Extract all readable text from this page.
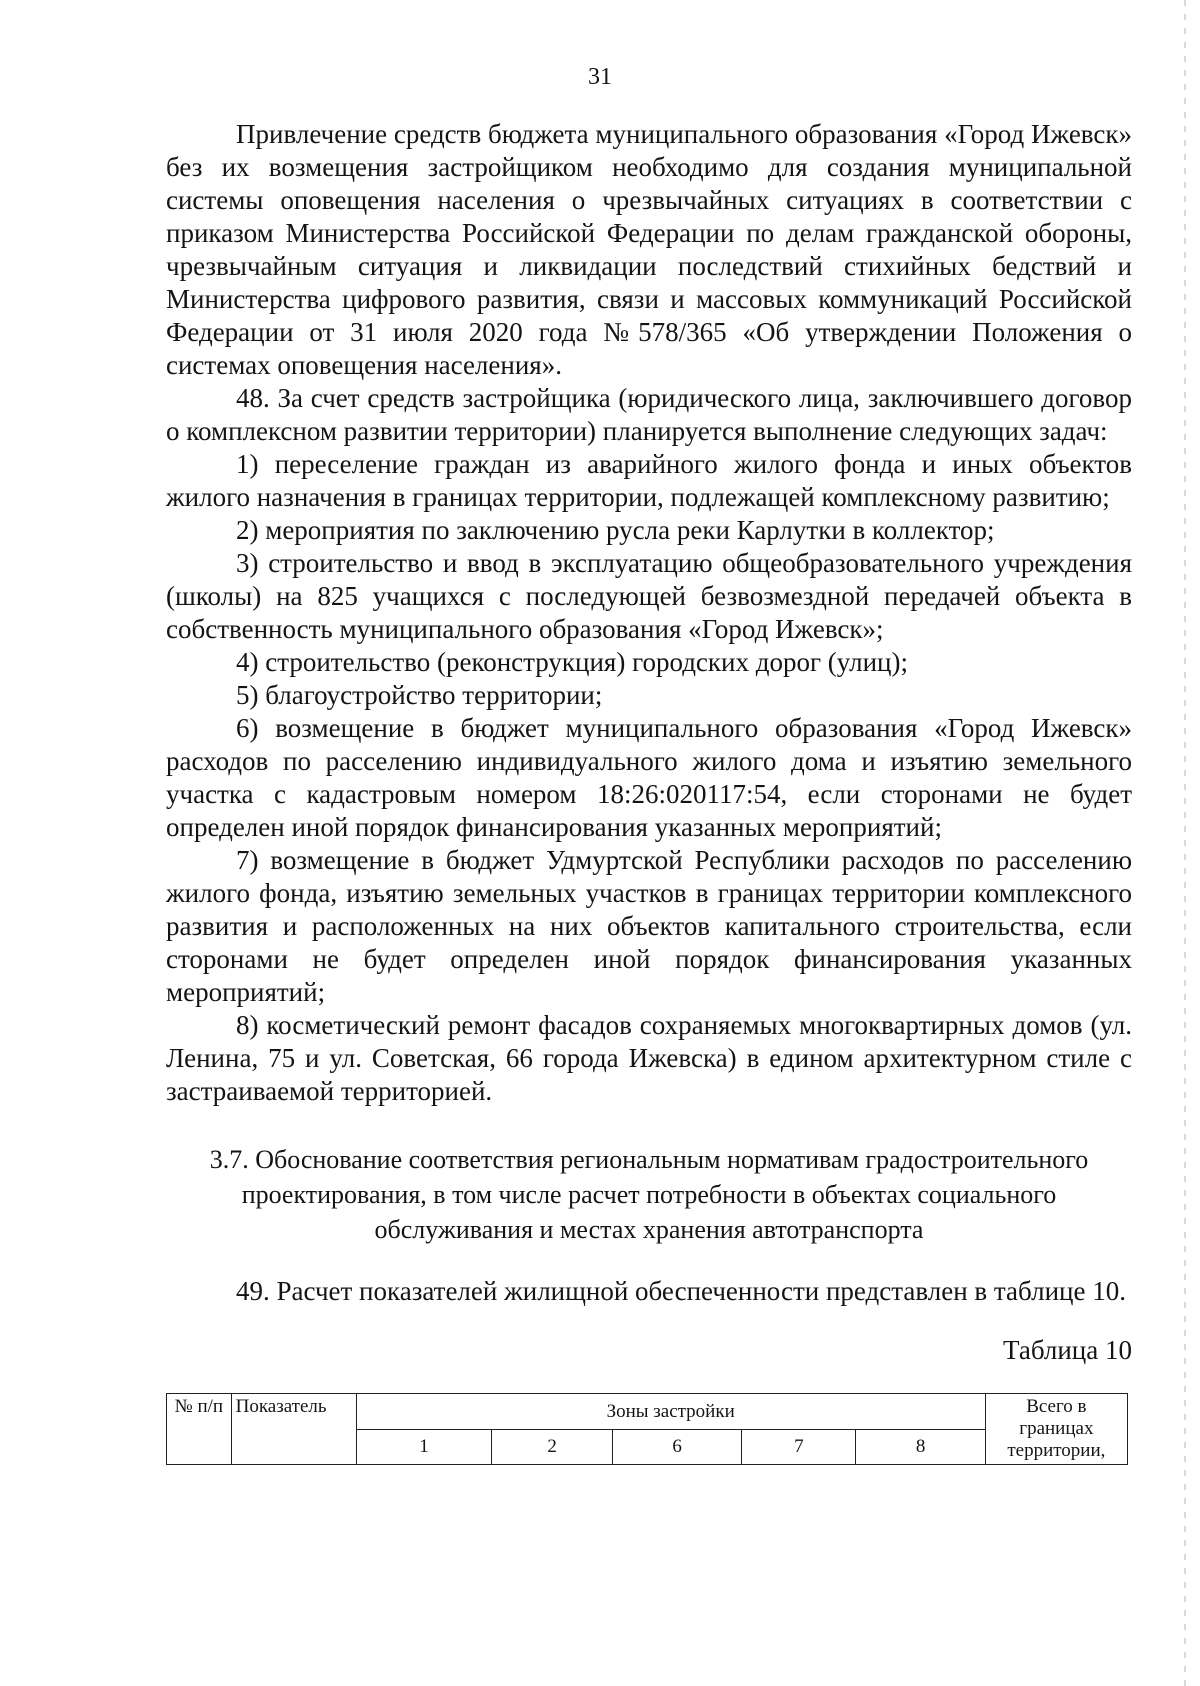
31

Привлечение средств бюджета муниципального образования «Город Ижевск» без их возмещения застройщиком необходимо для создания муниципальной системы оповещения населения о чрезвычайных ситуациях в соответствии с приказом Министерства Российской Федерации по делам гражданской обороны, чрезвычайным ситуация и ликвидации последствий стихийных бедствий и Министерства цифрового развития, связи и массовых коммуникаций Российской Федерации от 31 июля 2020 года №578/365 «Об утверждении Положения о системах оповещения населения».

48. За счет средств застройщика (юридического лица, заключившего договор о комплексном развитии территории) планируется выполнение следующих задач:

1) переселение граждан из аварийного жилого фонда и иных объектов жилого назначения в границах территории, подлежащей комплексному развитию;

2) мероприятия по заключению русла реки Карлутки в коллектор;

3) строительство и ввод в эксплуатацию общеобразовательного учреждения (школы) на 825 учащихся с последующей безвозмездной передачей объекта в собственность муниципального образования «Город Ижевск»;

4) строительство (реконструкция) городских дорог (улиц);

5) благоустройство территории;

6) возмещение в бюджет муниципального образования «Город Ижевск» расходов по расселению индивидуального жилого дома и изъятию земельного участка с кадастровым номером 18:26:020117:54, если сторонами не будет определен иной порядок финансирования указанных мероприятий;

7) возмещение в бюджет Удмуртской Республики расходов по расселению жилого фонда, изъятию земельных участков в границах территории комплексного развития и расположенных на них объектов капитального строительства, если сторонами не будет определен иной порядок финансирования указанных мероприятий;

8) косметический ремонт фасадов сохраняемых многоквартирных домов (ул. Ленина, 75 и ул. Советская, 66 города Ижевска) в едином архитектурном стиле с застраиваемой территорией.

3.7. Обоснование соответствия региональным нормативам градостроительного проектирования, в том числе расчет потребности в объектах социального обслуживания и местах хранения автотранспорта

49. Расчет показателей жилищной обеспеченности представлен в таблице 10.

Таблица 10

№ п/п	Показатель	Зоны застройки					Всего в границах территории,
		1	2	6	7	8	
